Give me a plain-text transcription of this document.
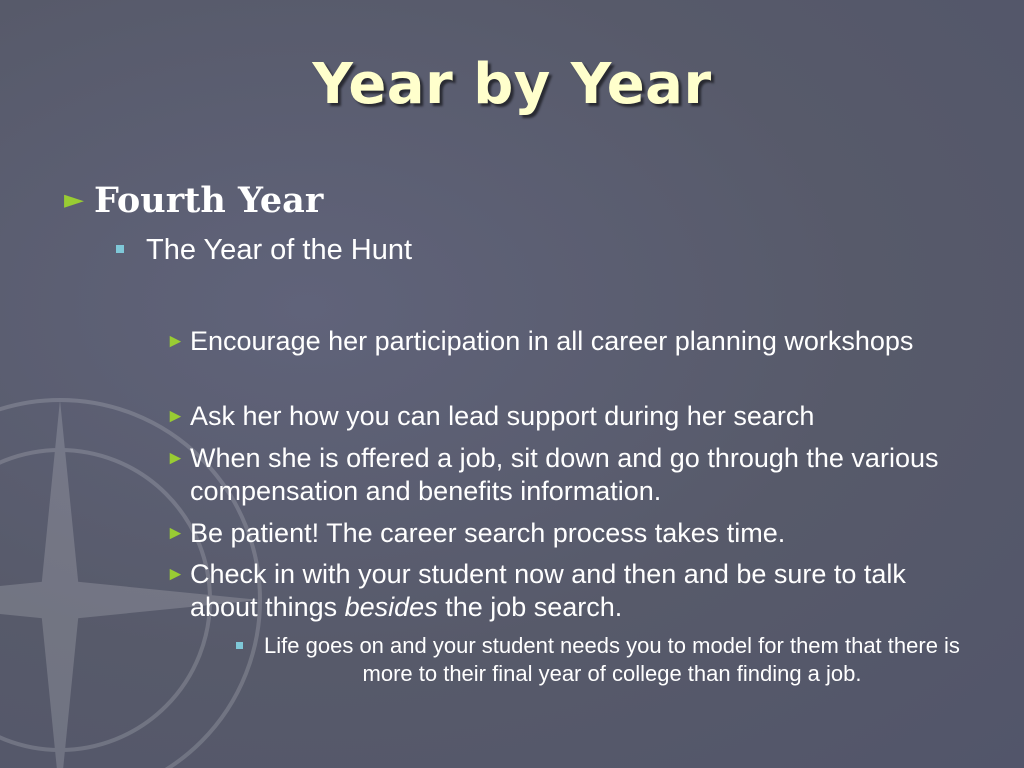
Year by Year
► Fourth Year
The Year of the Hunt
► Encourage her participation in all career planning workshops
► Ask her how you can lead support during her search
► When she is offered a job, sit down and go through the various compensation and benefits information.
► Be patient! The career search process takes time.
► Check in with your student now and then and be sure to talk about things besides the job search.
Life goes on and your student needs you to model for them that there is more to their final year of college than finding a job.
